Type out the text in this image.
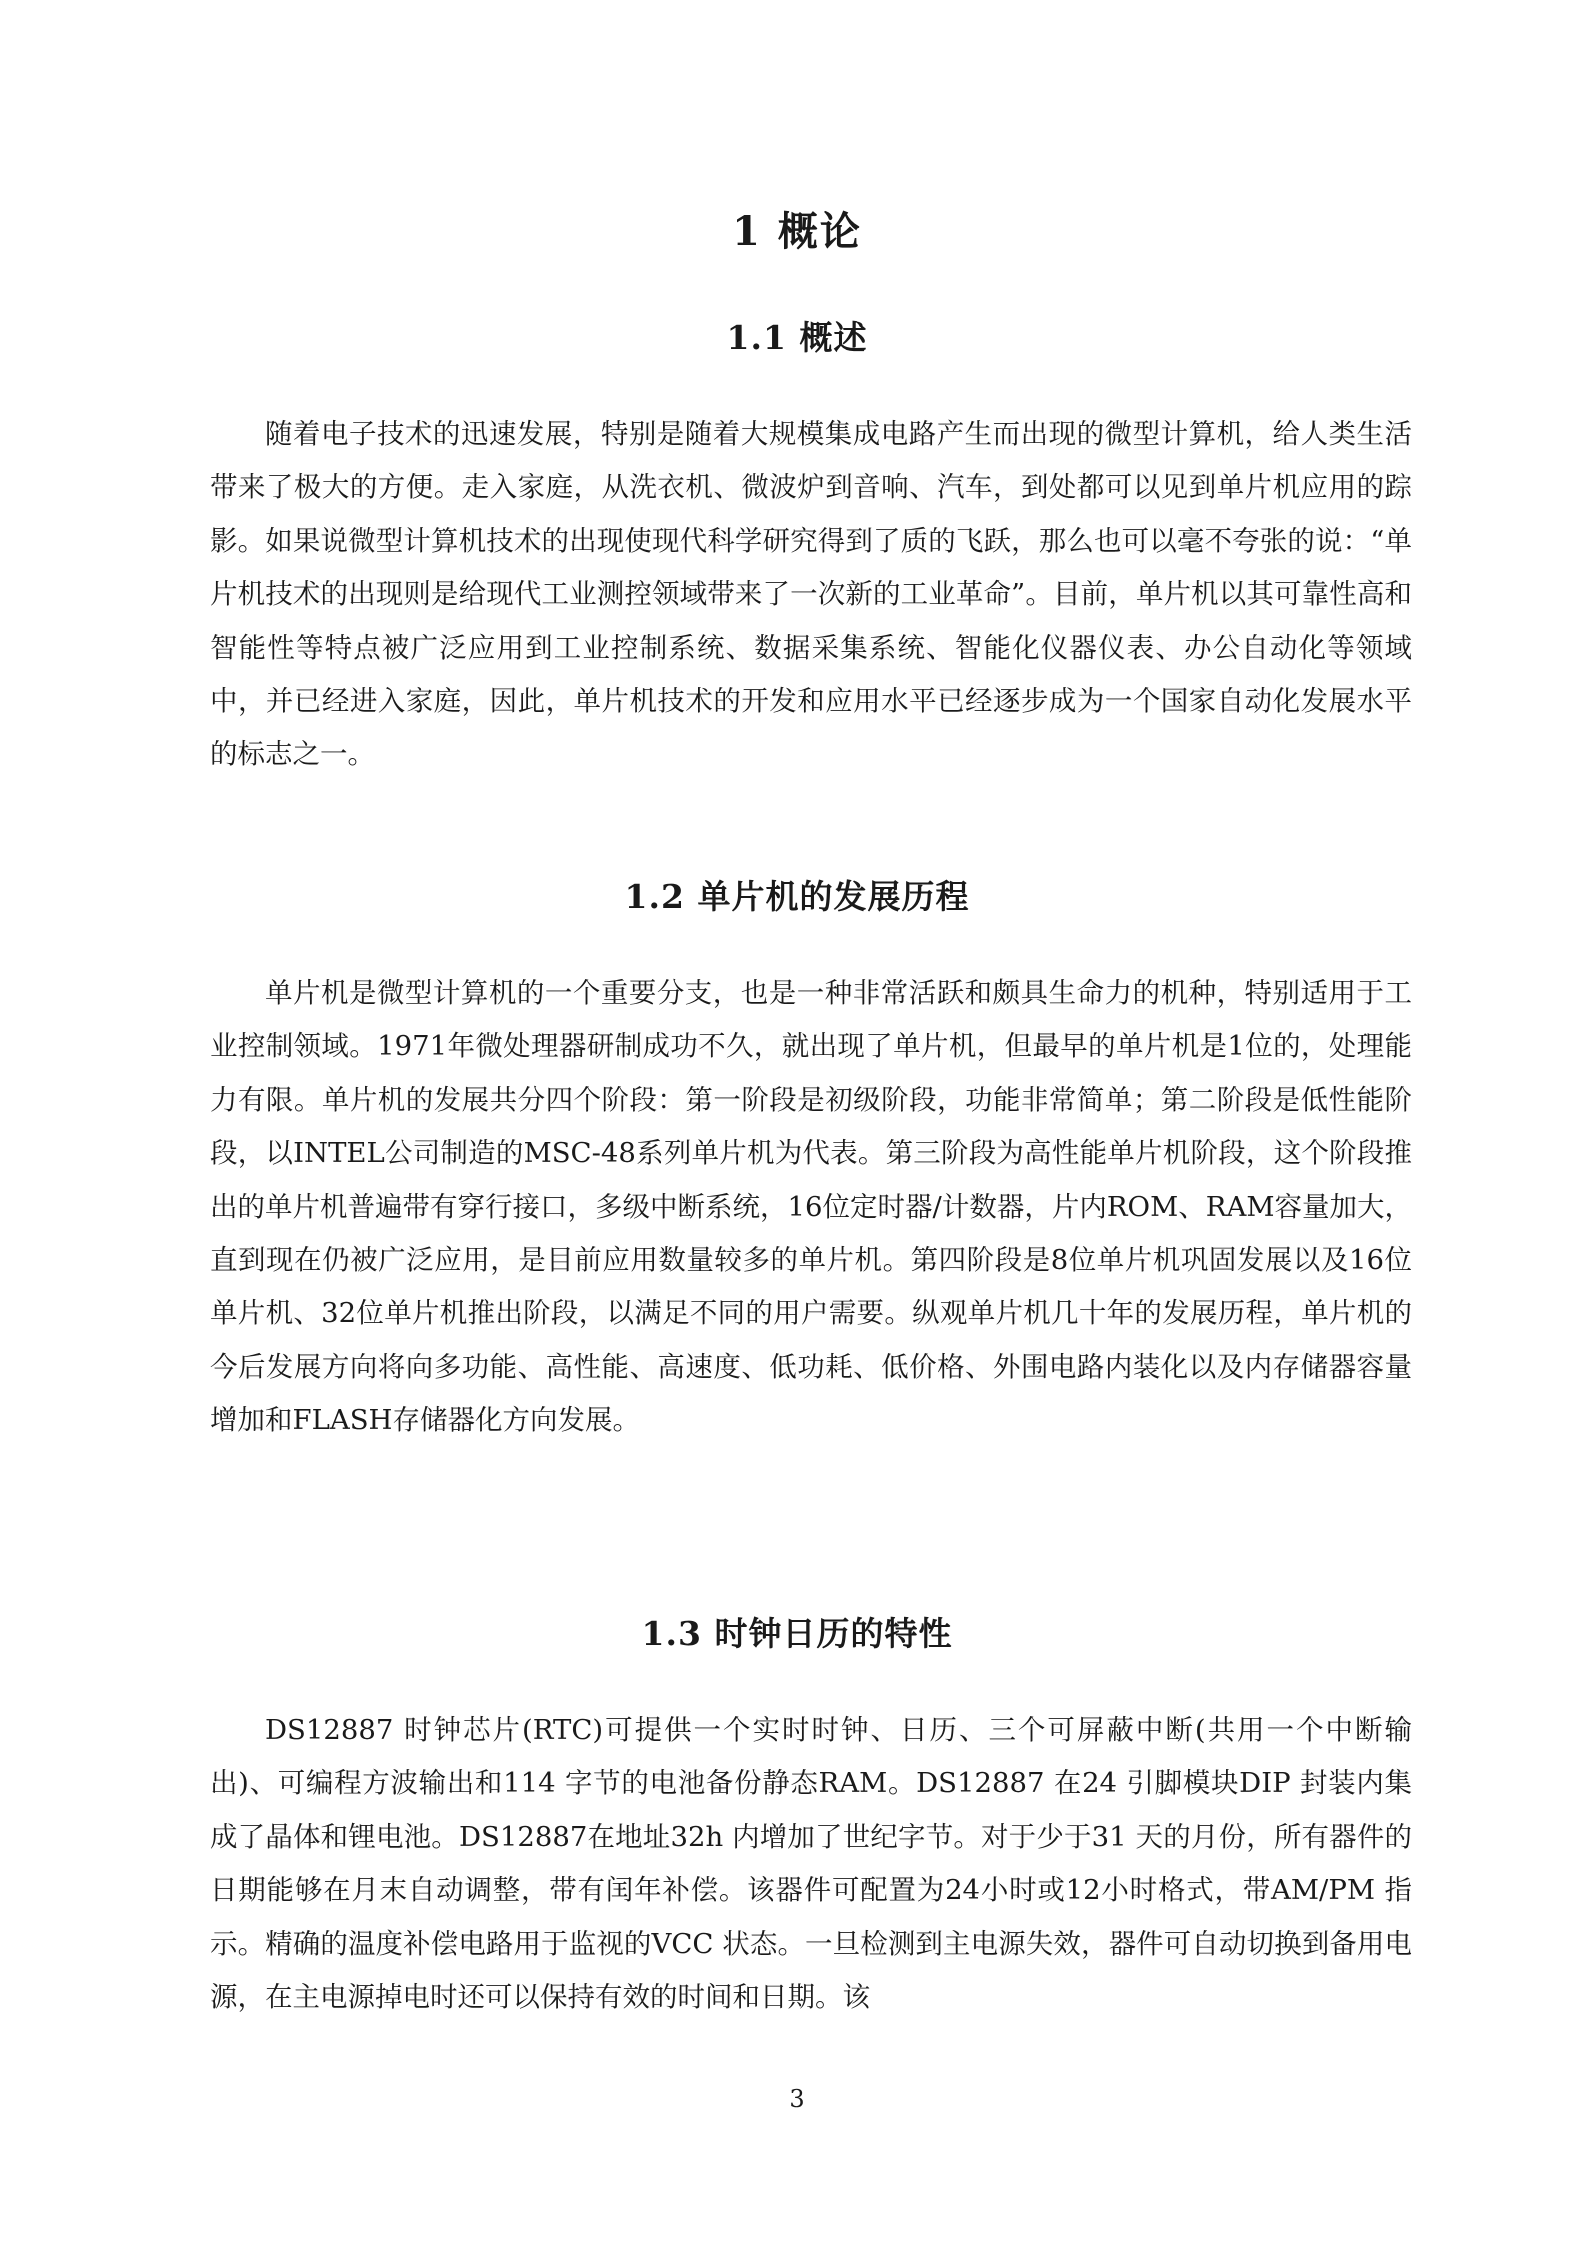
1 概论
1.1 概述

随着电子技术的迅速发展，特别是随着大规模集成电路产生而出现的微型计算机，给人类生活带来了极大的方便。走入家庭，从洗衣机、微波炉到音响、汽车，到处都可以见到单片机应用的踪影。如果说微型计算机技术的出现使现代科学研究得到了质的飞跃，那么也可以毫不夸张的说：“单片机技术的出现则是给现代工业测控领域带来了一次新的工业革命”。目前，单片机以其可靠性高和智能性等特点被广泛应用到工业控制系统、数据采集系统、智能化仪器仪表、办公自动化等领域中，并已经进入家庭，因此，单片机技术的开发和应用水平已经逐步成为一个国家自动化发展水平的标志之一。

1.2 单片机的发展历程

单片机是微型计算机的一个重要分支，也是一种非常活跃和颇具生命力的机种，特别适用于工业控制领域。1971年微处理器研制成功不久，就出现了单片机，但最早的单片机是1位的，处理能力有限。单片机的发展共分四个阶段：第一阶段是初级阶段，功能非常简单；第二阶段是低性能阶段，以INTEL公司制造的MSC-48系列单片机为代表。第三阶段为高性能单片机阶段，这个阶段推出的单片机普遍带有穿行接口，多级中断系统，16位定时器/计数器，片内ROM、RAM容量加大，直到现在仍被广泛应用，是目前应用数量较多的单片机。第四阶段是8位单片机巩固发展以及16位单片机、32位单片机推出阶段，以满足不同的用户需要。纵观单片机几十年的发展历程，单片机的今后发展方向将向多功能、高性能、高速度、低功耗、低价格、外围电路内装化以及内存储器容量增加和FLASH存储器化方向发展。

1.3 时钟日历的特性

DS12887 时钟芯片(RTC)可提供一个实时时钟、日历、三个可屏蔽中断(共用一个中断输出)、可编程方波输出和114 字节的电池备份静态RAM。DS12887 在24 引脚模块DIP 封装内集成了晶体和锂电池。DS12887在地址32h 内增加了世纪字节。对于少于31 天的月份，所有器件的日期能够在月末自动调整，带有闰年补偿。该器件可配置为24小时或12小时格式，带AM/PM 指示。精确的温度补偿电路用于监视的VCC 状态。一旦检测到主电源失效，器件可自动切换到备用电源，在主电源掉电时还可以保持有效的时间和日期。该

3
